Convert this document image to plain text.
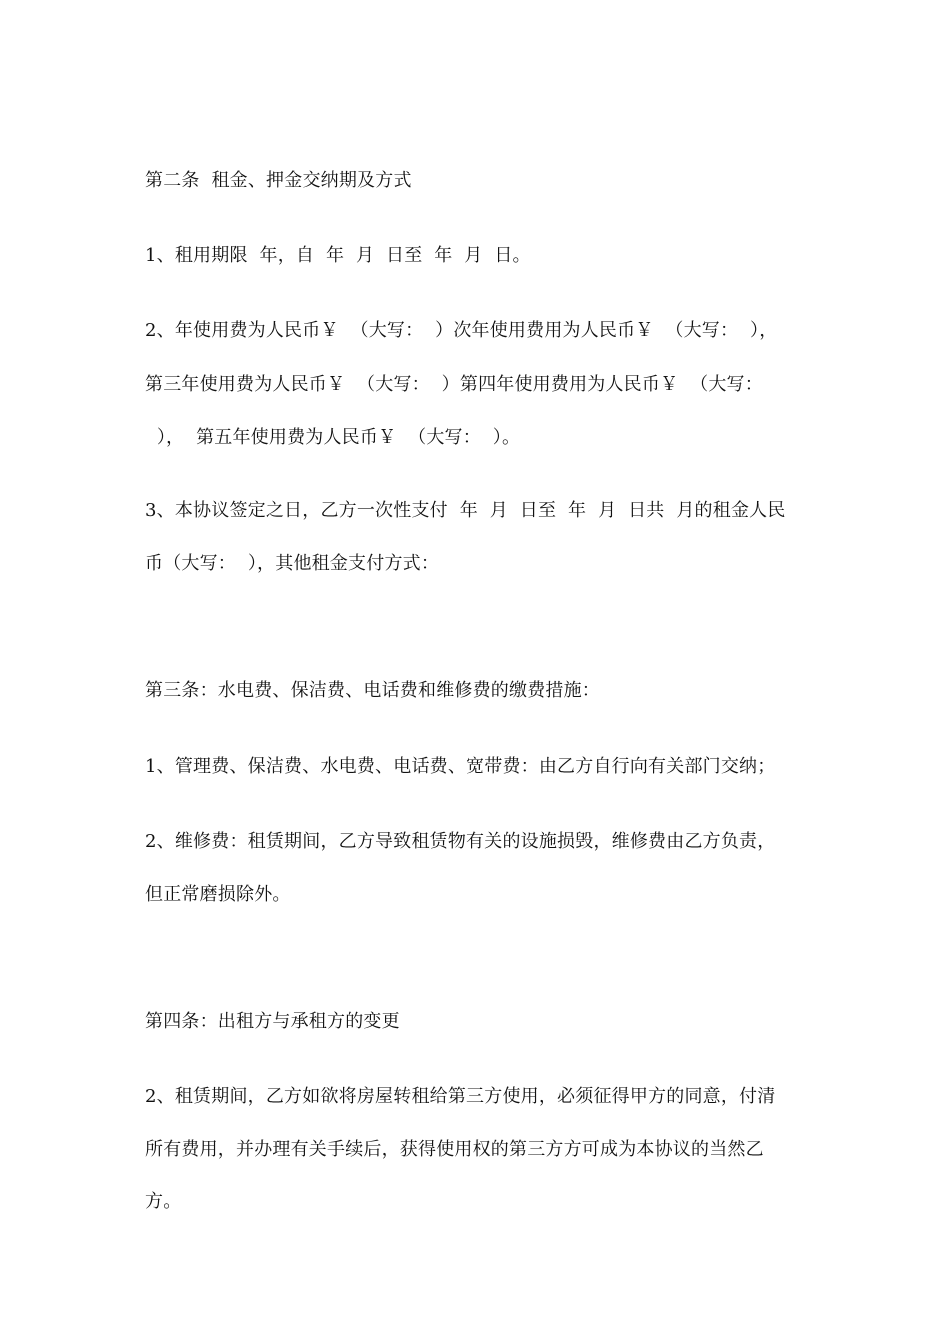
第二条  租金、押金交纳期及方式
1、租用期限  年，自  年  月  日至  年  月  日。
2、年使用费为人民币￥  （大写：  ）次年使用费用为人民币￥  （大写：  ），
第三年使用费为人民币￥  （大写：  ）第四年使用费用为人民币￥  （大写：
），  第五年使用费为人民币￥  （大写：  ）。
3、本协议签定之日，乙方一次性支付  年  月  日至  年  月  日共  月的租金人民
币（大写：  ），其他租金支付方式：
第三条：水电费、保洁费、电话费和维修费的缴费措施：
1、管理费、保洁费、水电费、电话费、宽带费：由乙方自行向有关部门交纳；
2、维修费：租赁期间，乙方导致租赁物有关的设施损毁，维修费由乙方负责，
但正常磨损除外。
第四条：出租方与承租方的变更
2、租赁期间，乙方如欲将房屋转租给第三方使用，必须征得甲方的同意，付清
所有费用，并办理有关手续后，获得使用权的第三方方可成为本协议的当然乙
方。
